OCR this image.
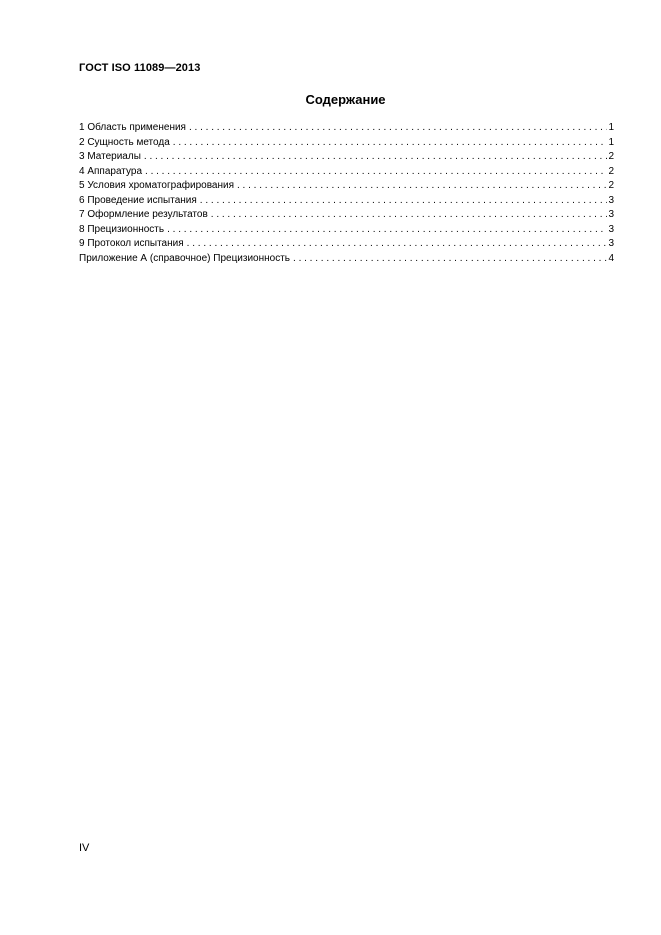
ГОСТ ISO 11089—2013
Содержание
1 Область применения . . .	1
2 Сущность метода . . .	1
3 Материалы . . .	2
4 Аппаратура . . .	2
5 Условия хроматографирования . . .	2
6 Проведение испытания . . .	3
7 Оформление результатов . . .	3
8 Прецизионность . . .	3
9 Протокол испытания . . .	3
Приложение А (справочное) Прецизионность . . .	4
IV
